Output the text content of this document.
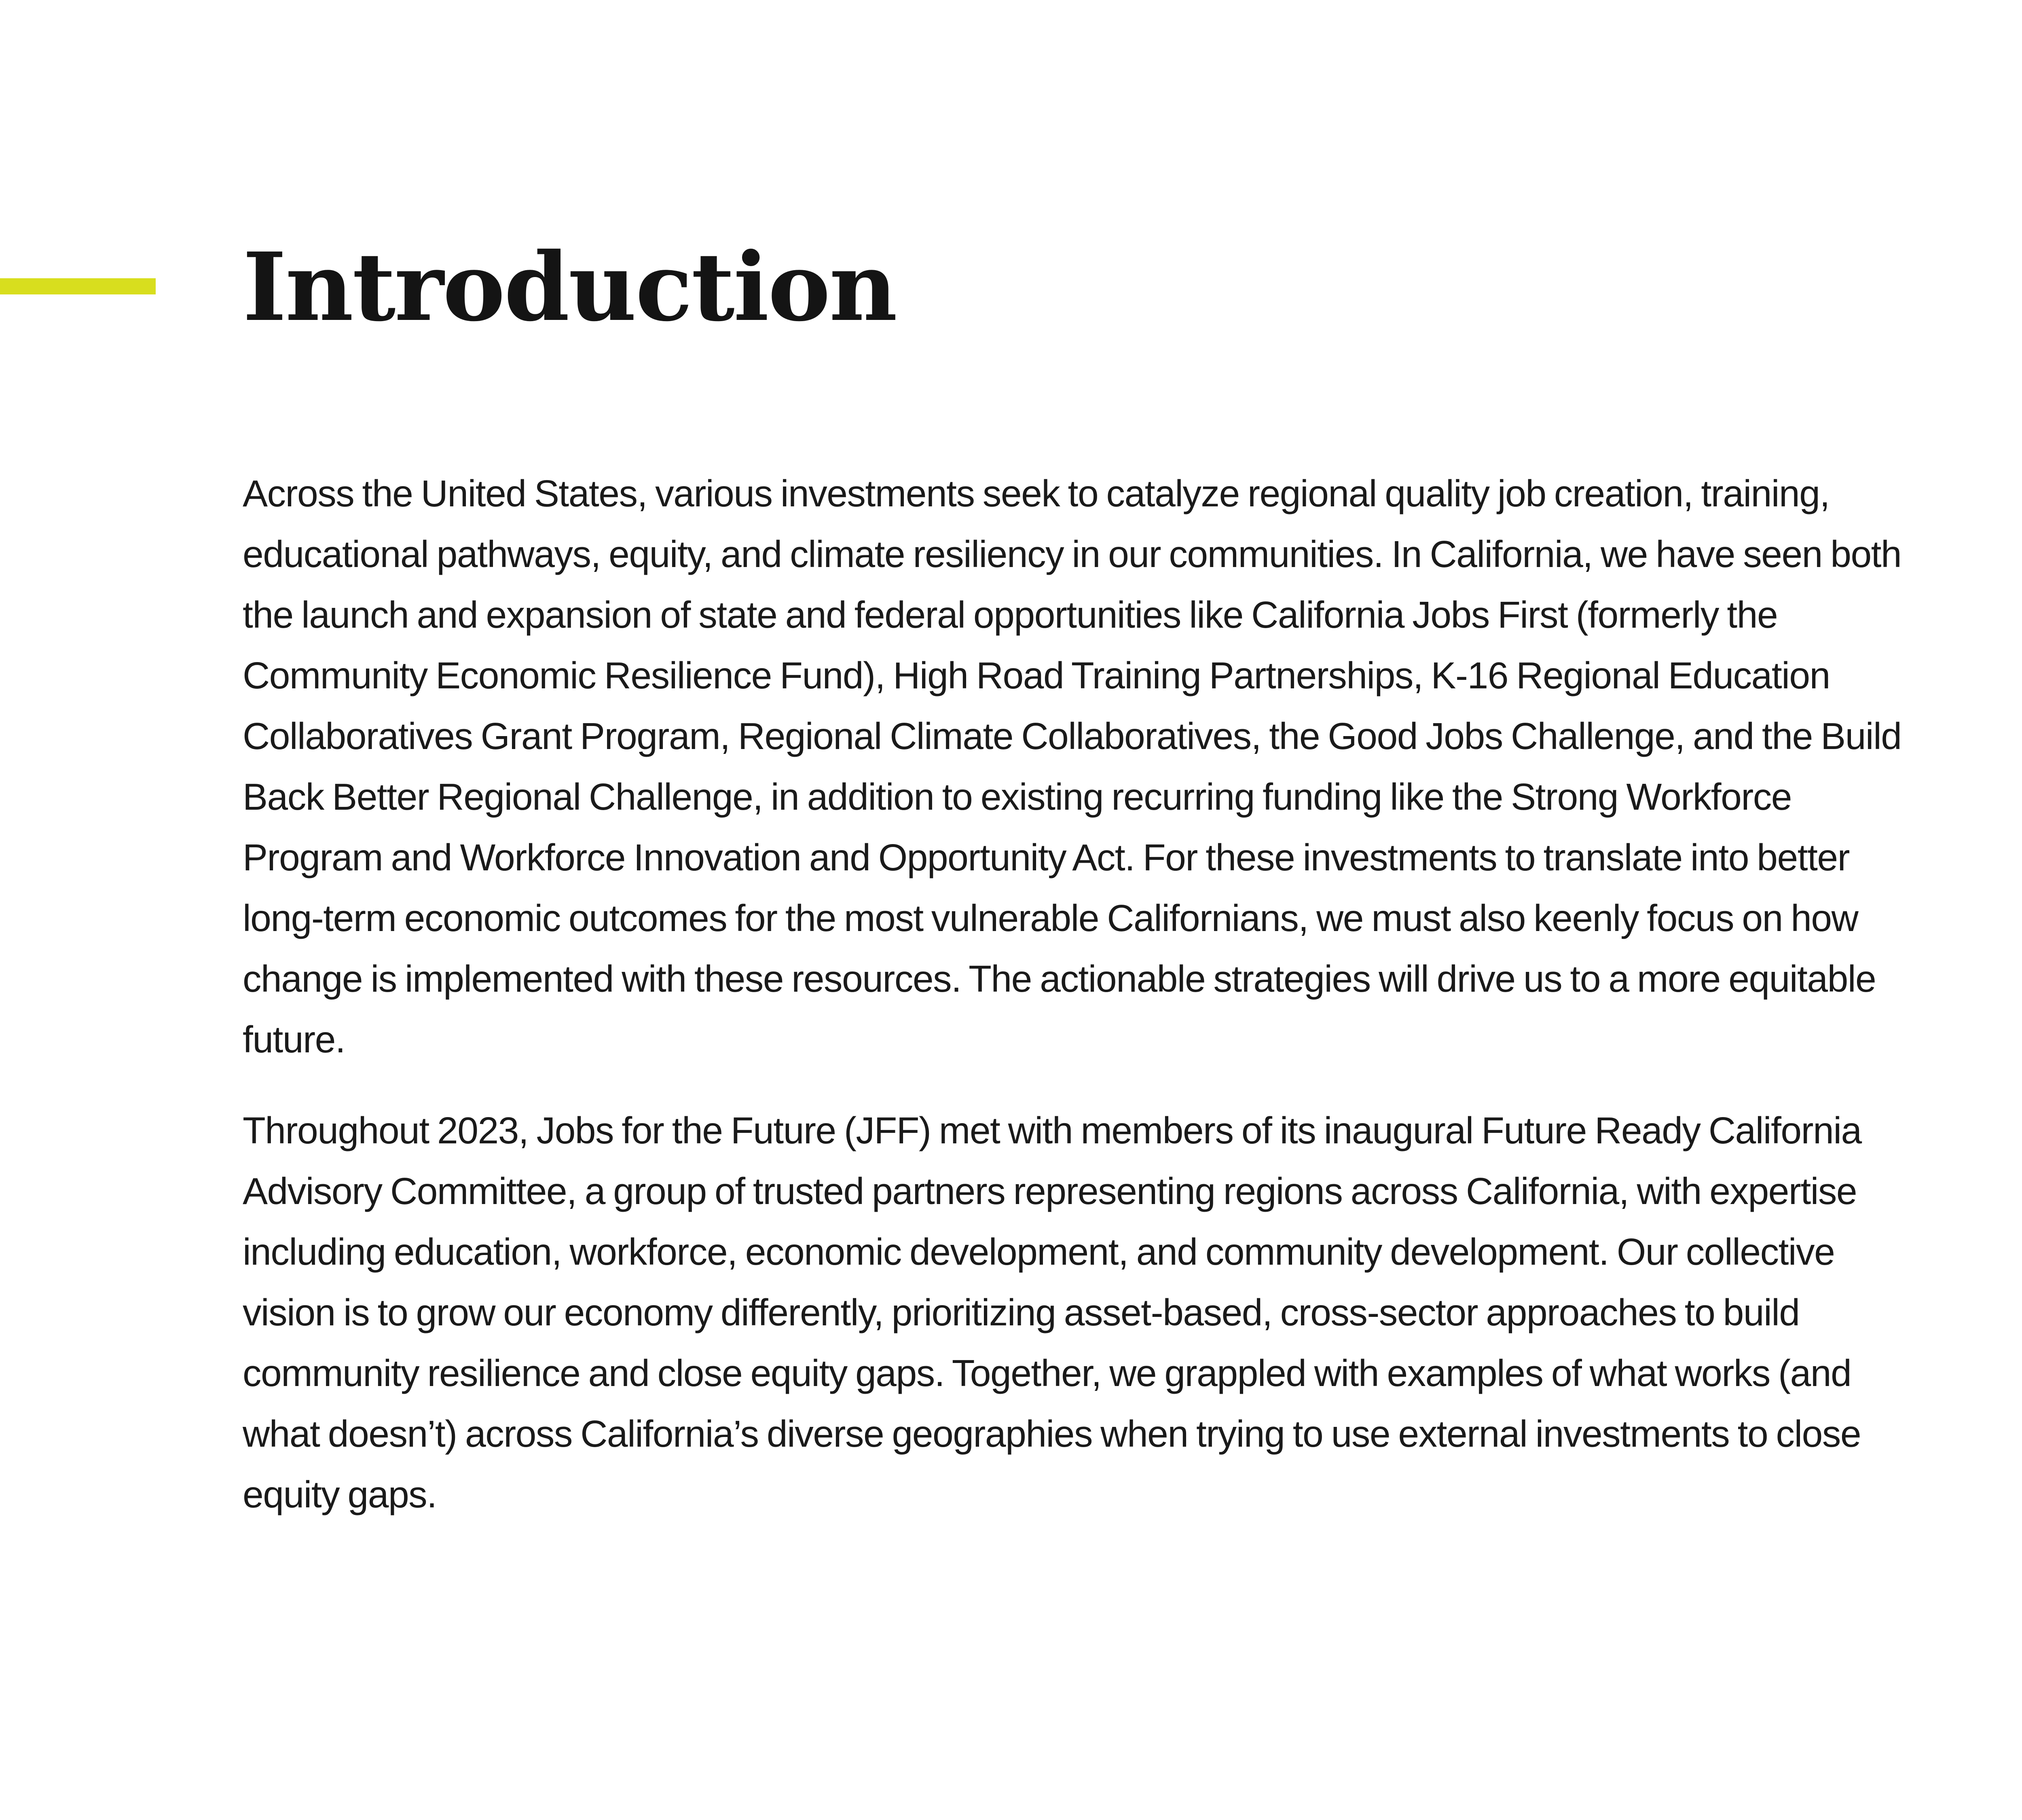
Introduction

Across the United States, various investments seek to catalyze regional quality job creation, training, educational pathways, equity, and climate resiliency in our communities. In California, we have seen both the launch and expansion of state and federal opportunities like California Jobs First (formerly the Community Economic Resilience Fund), High Road Training Partnerships, K-16 Regional Education Collaboratives Grant Program, Regional Climate Collaboratives, the Good Jobs Challenge, and the Build Back Better Regional Challenge, in addition to existing recurring funding like the Strong Workforce Program and Workforce Innovation and Opportunity Act. For these investments to translate into better long-term economic outcomes for the most vulnerable Californians, we must also keenly focus on how change is implemented with these resources. The actionable strategies will drive us to a more equitable future.

Throughout 2023, Jobs for the Future (JFF) met with members of its inaugural Future Ready California Advisory Committee, a group of trusted partners representing regions across California, with expertise including education, workforce, economic development, and community development. Our collective vision is to grow our economy differently, prioritizing asset-based, cross-sector approaches to build community resilience and close equity gaps. Together, we grappled with examples of what works (and what doesn’t) across California’s diverse geographies when trying to use external investments to close equity gaps.
